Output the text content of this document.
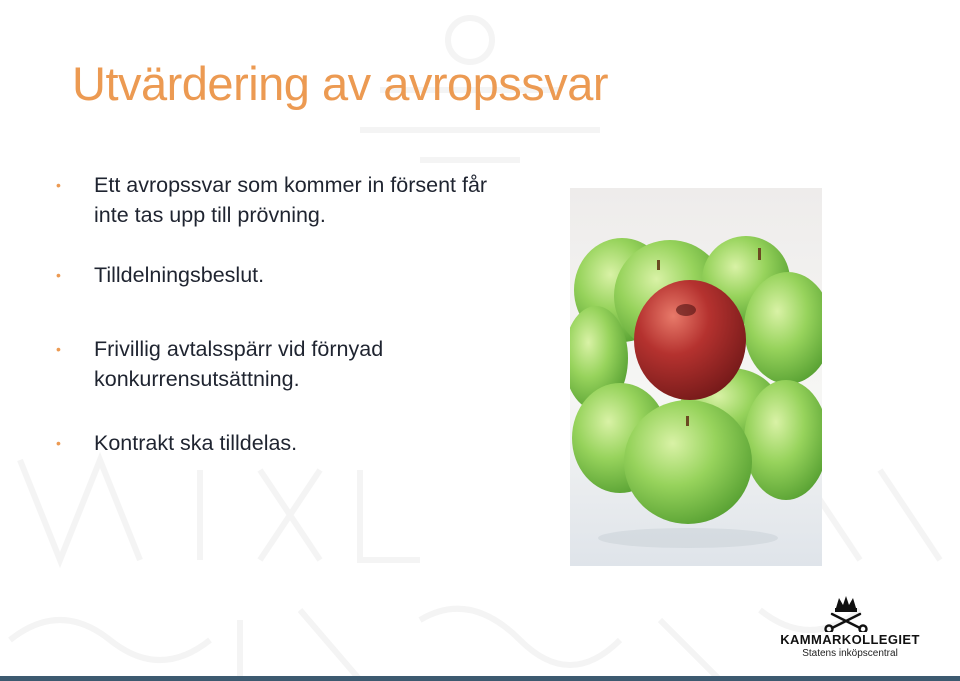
Utvärdering av avropssvar
• Ett avropssvar som kommer in försent får inte tas upp till prövning.
• Tilldelningsbeslut.
• Frivillig avtalsspärr vid förnyad konkurrensutsättning.
• Kontrakt ska tilldelas.
KAMMARKOLLEGIET
Statens inköpscentral
